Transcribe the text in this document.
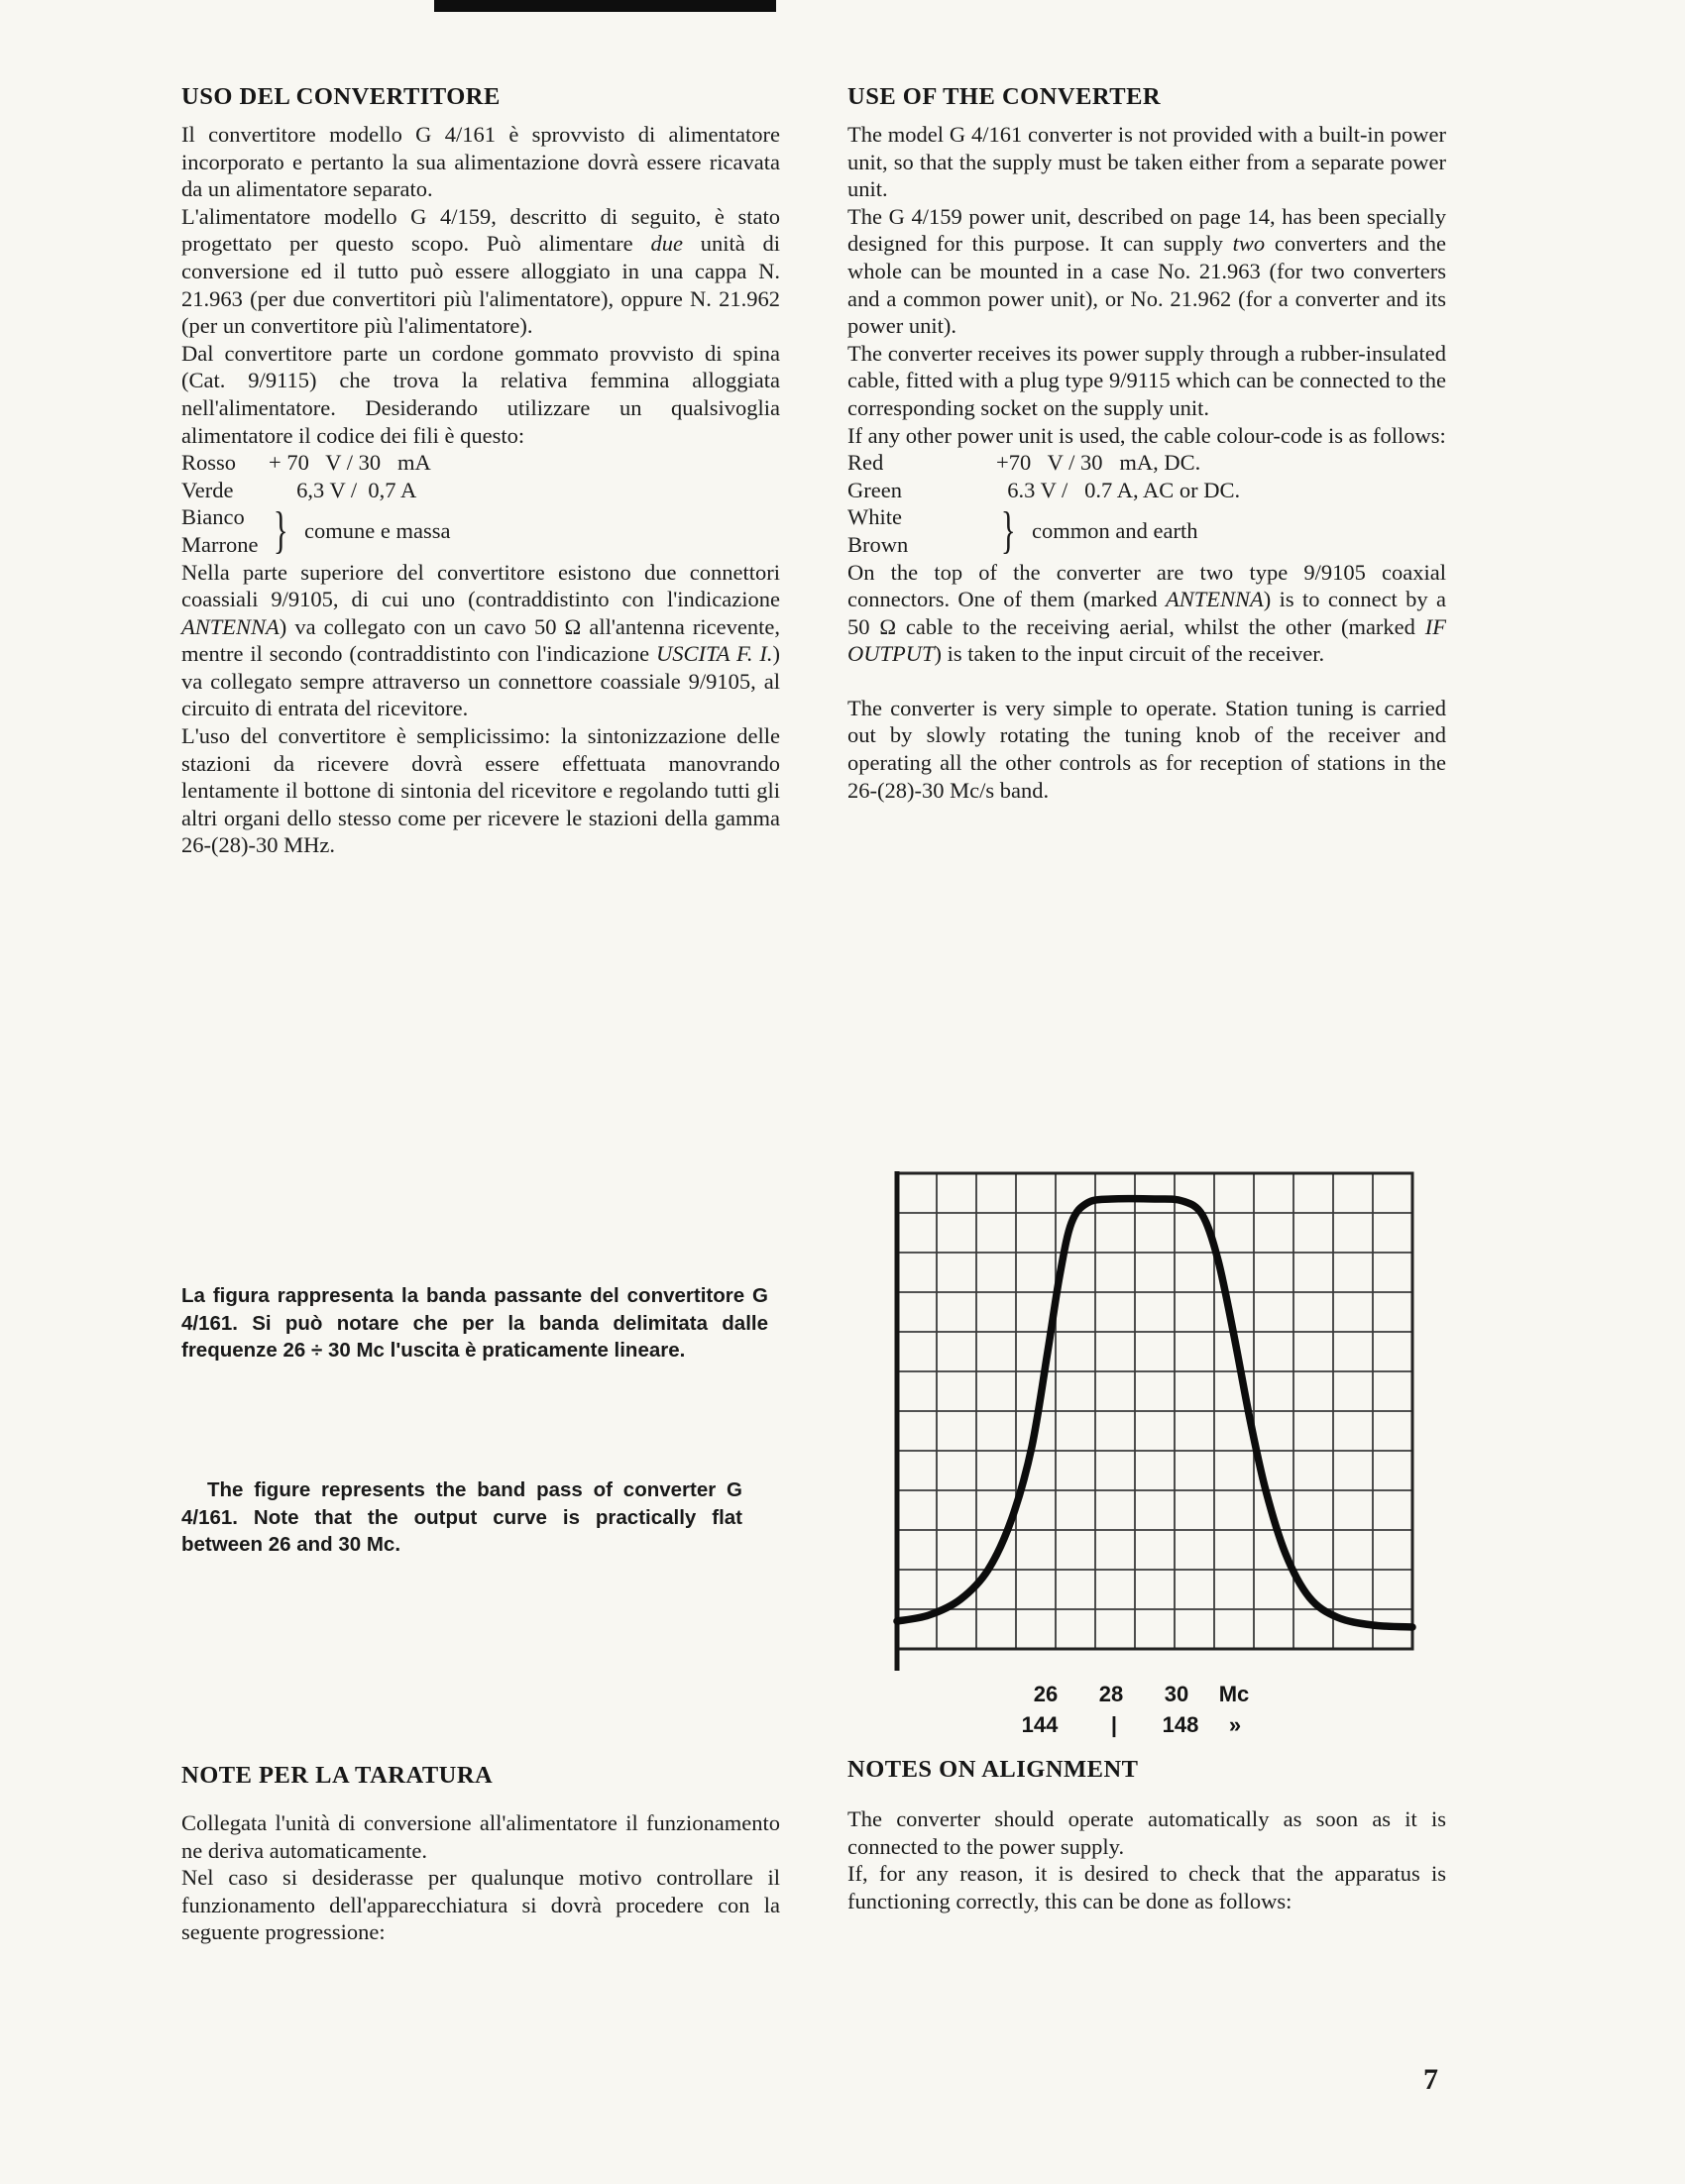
USO DEL CONVERTITORE	USE OF THE CONVERTER

Il convertitore modello G 4/161 è sprovvisto di alimentatore incorporato e pertanto la sua alimentazione dovrà essere ricavata da un alimentatore separato.

L'alimentatore modello G 4/159, descritto di seguito, è stato progettato per questo scopo. Può alimentare due unità di conversione ed il tutto può essere alloggiato in una cappa N. 21.963 (per due convertitori più l'alimentatore), oppure N. 21.962 (per un convertitore più l'alimentatore).

Dal convertitore parte un cordone gommato provvisto di spina (Cat. 9/9115) che trova la relativa femmina alloggiata nell'alimentatore. Desiderando utilizzare un qualsivoglia alimentatore il codice dei fili è questo:

Rosso	+ 70   V / 30   mA
Verde	6,3 V /  0,7 A
Bianco
Marrone } comune e massa

Nella parte superiore del convertitore esistono due connettori coassiali 9/9105, di cui uno (contraddistinto con l'indicazione ANTENNA) va collegato con un cavo 50 Ω all'antenna ricevente, mentre il secondo (contraddistinto con l'indicazione USCITA F. I.) va collegato sempre attraverso un connettore coassiale 9/9105, al circuito di entrata del ricevitore.

L'uso del convertitore è semplicissimo: la sintonizzazione delle stazioni da ricevere dovrà essere effettuata manovrando lentamente il bottone di sintonia del ricevitore e regolando tutti gli altri organi dello stesso come per ricevere le stazioni della gamma 26-(28)-30 MHz.

The model G 4/161 converter is not provided with a built-in power unit, so that the supply must be taken either from a separate power unit.

The G 4/159 power unit, described on page 14, has been specially designed for this purpose. It can supply two converters and the whole can be mounted in a case No. 21.963 (for two converters and a common power unit), or No. 21.962 (for a converter and its power unit).

The converter receives its power supply through a rubber-insulated cable, fitted with a plug type 9/9115 which can be connected to the corresponding socket on the supply unit.

If any other power unit is used, the cable colour-code is as follows:

Red	+70   V / 30   mA, DC.
Green	6.3 V /   0.7 A, AC or DC.
White
Brown	} common and earth

On the top of the converter are two type 9/9105 coaxial connectors. One of them (marked ANTENNA) is to connect by a 50 Ω cable to the receiving aerial, whilst the other (marked IF OUTPUT) is taken to the input circuit of the receiver.

The converter is very simple to operate. Station tuning is carried out by slowly rotating the tuning knob of the receiver and operating all the other controls as for reception of stations in the 26-(28)-30 Mc/s band.

La figura rappresenta la banda passante del convertitore G 4/161. Si può notare che per la banda delimitata dalle frequenze 26 ÷ 30 Mc l'uscita è praticamente lineare.
The figure represents the band pass of converter G 4/161. Note that the output curve is practically flat between 26 and 30 Mc.
26 28 30 Mc
144 | 148 »
NOTE PER LA TARATURA

Collegata l'unità di conversione all'alimentatore il funzionamento ne deriva automaticamente.

Nel caso si desiderasse per qualunque motivo controllare il funzionamento dell'apparecchiatura si dovrà procedere con la seguente progressione:

NOTES ON ALIGNMENT

The converter should operate automatically as soon as it is connected to the power supply.

If, for any reason, it is desired to check that the apparatus is functioning correctly, this can be done as follows:

7
